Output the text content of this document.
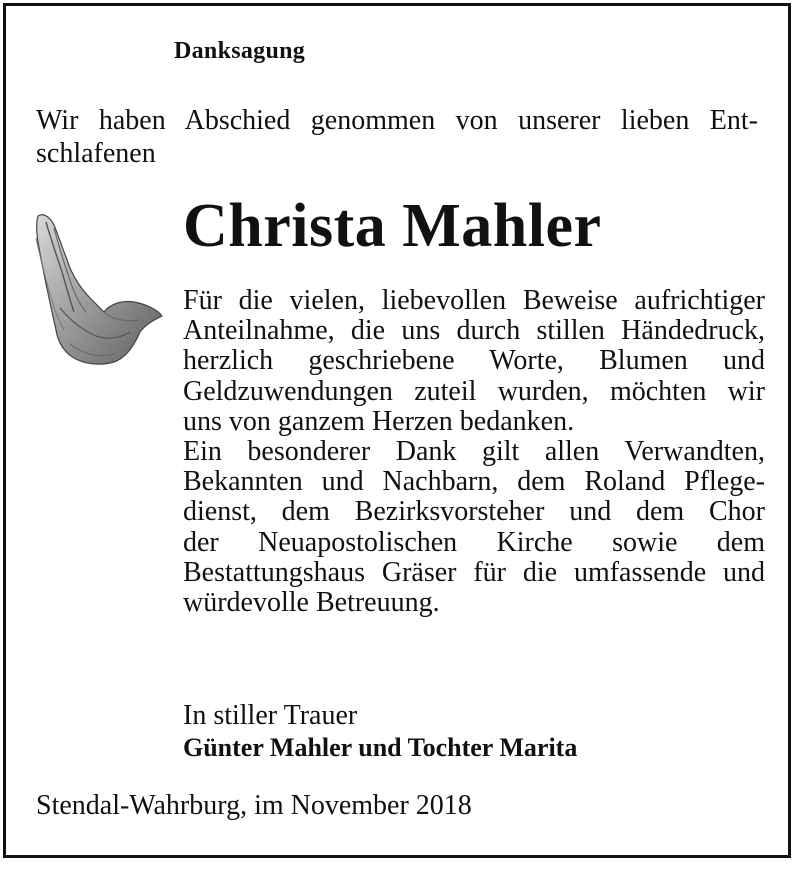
Danksagung
Wir haben Abschied genommen von unserer lieben Ent-
schlafenen
Christa Mahler
Für die vielen, liebevollen Beweise aufrichtiger
Anteilnahme, die uns durch stillen Händedruck,
herzlich geschriebene Worte, Blumen und
Geldzuwendungen zuteil wurden, möchten wir
uns von ganzem Herzen bedanken.
Ein besonderer Dank gilt allen Verwandten,
Bekannten und Nachbarn, dem Roland Pflege-
dienst, dem Bezirksvorsteher und dem Chor
der Neuapostolischen Kirche sowie dem
Bestattungshaus Gräser für die umfassende und
würdevolle Betreuung.
In stiller Trauer
Günter Mahler und Tochter Marita
Stendal-Wahrburg, im November 2018
